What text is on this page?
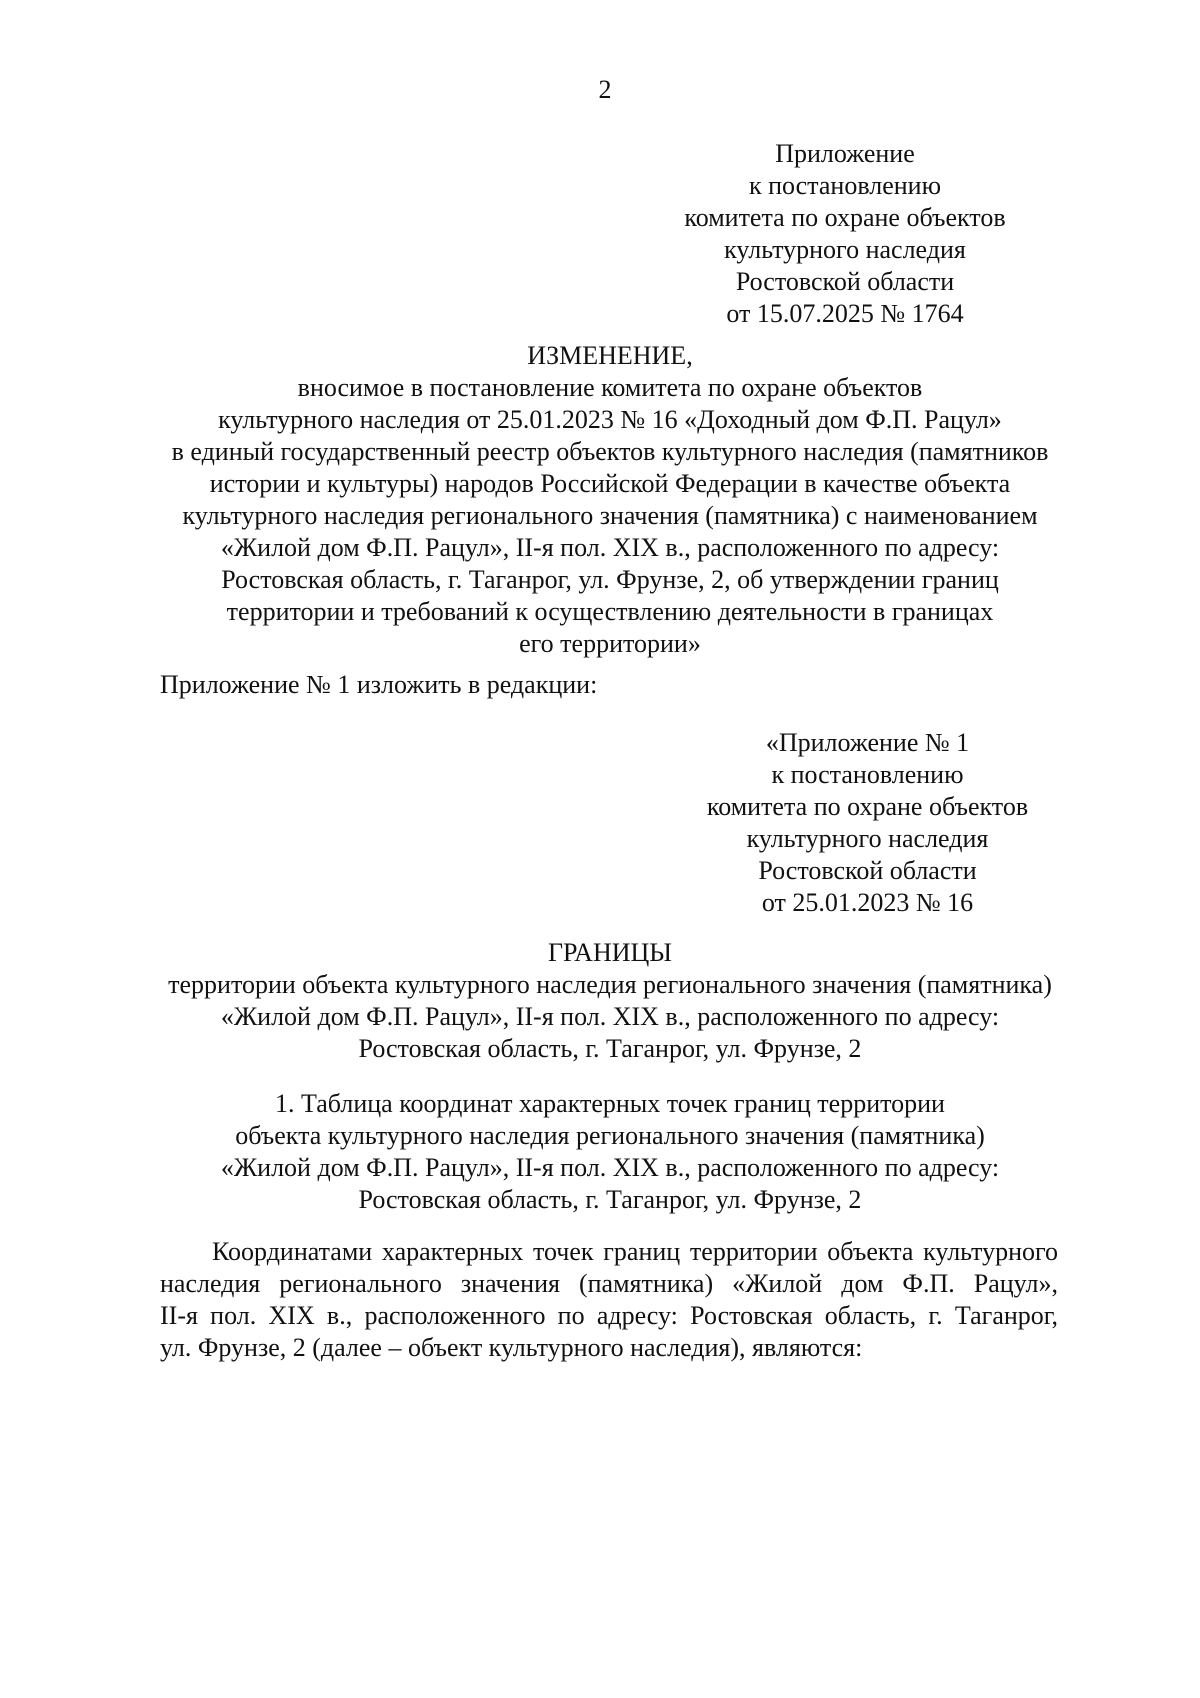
2
Приложение
к постановлению
комитета по охране объектов
культурного наследия
Ростовской области
от 15.07.2025 № 1764
ИЗМЕНЕНИЕ,
вносимое в постановление комитета по охране объектов
культурного наследия от 25.01.2023 № 16 «Доходный дом Ф.П. Рацул»
в единый государственный реестр объектов культурного наследия (памятников
истории и культуры) народов Российской Федерации в качестве объекта
культурного наследия регионального значения (памятника) с наименованием
«Жилой дом Ф.П. Рацул», II-я пол. XIX в., расположенного по адресу:
Ростовская область, г. Таганрог, ул. Фрунзе, 2, об утверждении границ
территории и требований к осуществлению деятельности в границах
его территории»
Приложение № 1 изложить в редакции:
«Приложение № 1
к постановлению
комитета по охране объектов
культурного наследия
Ростовской области
от 25.01.2023 № 16
ГРАНИЦЫ
территории объекта культурного наследия регионального значения (памятника)
«Жилой дом Ф.П. Рацул», II-я пол. XIX в., расположенного по адресу:
Ростовская область, г. Таганрог, ул. Фрунзе, 2
1. Таблица координат характерных точек границ территории
объекта культурного наследия регионального значения (памятника)
«Жилой дом Ф.П. Рацул», II-я пол. XIX в., расположенного по адресу:
Ростовская область, г. Таганрог, ул. Фрунзе, 2
Координатами характерных точек границ территории объекта культурного
наследия регионального значения (памятника) «Жилой дом Ф.П. Рацул»,
II-я пол. XIX в., расположенного по адресу: Ростовская область, г. Таганрог,
ул. Фрунзе, 2 (далее – объект культурного наследия), являются:
